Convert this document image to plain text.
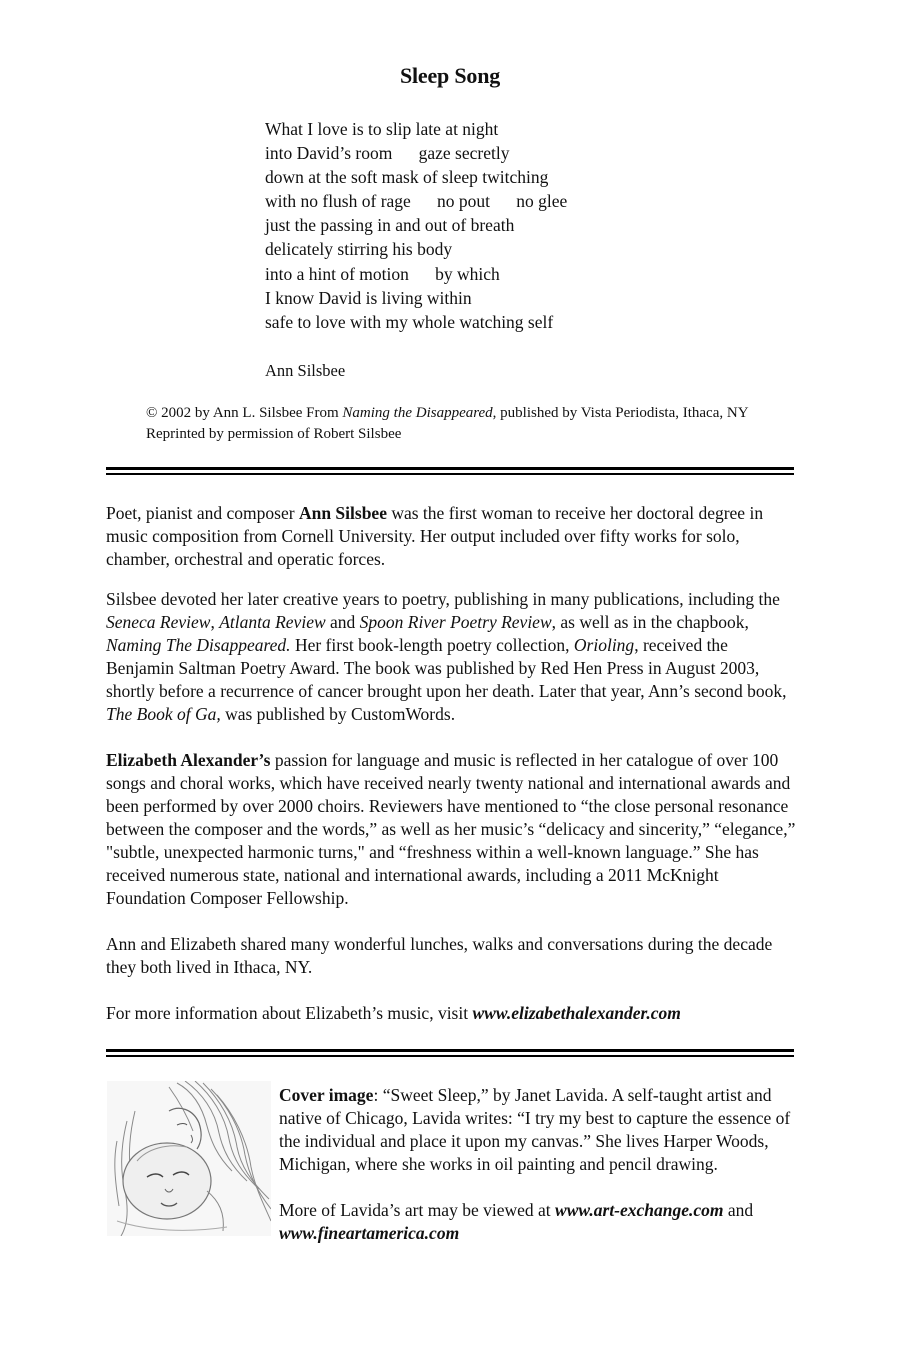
Sleep Song
What I love is to slip late at night
into David’s room      gaze secretly
down at the soft mask of sleep twitching
with no flush of rage      no pout      no glee
just the passing in and out of breath
delicately stirring his body
into a hint of motion      by which
I know David is living within
safe to love with my whole watching self
Ann Silsbee
© 2002 by Ann L. Silsbee From Naming the Disappeared, published by Vista Periodista, Ithaca, NY
Reprinted by permission of Robert Silsbee

Poet, pianist and composer Ann Silsbee was the first woman to receive her doctoral degree in music composition from Cornell University. Her output included over fifty works for solo, chamber, orchestral and operatic forces.

Silsbee devoted her later creative years to poetry, publishing in many publications, including the Seneca Review, Atlanta Review and Spoon River Poetry Review, as well as in the chapbook, Naming The Disappeared. Her first book-length poetry collection, Orioling, received the Benjamin Saltman Poetry Award. The book was published by Red Hen Press in August 2003, shortly before a recurrence of cancer brought upon her death. Later that year, Ann’s second book, The Book of Ga, was published by CustomWords.

Elizabeth Alexander’s passion for language and music is reflected in her catalogue of over 100 songs and choral works, which have received nearly twenty national and international awards and been performed by over 2000 choirs. Reviewers have mentioned to “the close personal resonance between the composer and the words,” as well as her music’s “delicacy and sincerity,” “elegance,” "subtle, unexpected harmonic turns," and “freshness within a well-known language.” She has received numerous state, national and international awards, including a 2011 McKnight Foundation Composer Fellowship.

Ann and Elizabeth shared many wonderful lunches, walks and conversations during the decade they both lived in Ithaca, NY.

For more information about Elizabeth’s music, visit www.elizabethalexander.com

Cover image: “Sweet Sleep,” by Janet Lavida. A self-taught artist and native of Chicago, Lavida writes: “I try my best to capture the essence of the individual and place it upon my canvas.” She lives Harper Woods, Michigan, where she works in oil painting and pencil drawing.

More of Lavida’s art may be viewed at www.art-exchange.com and www.fineartamerica.com
